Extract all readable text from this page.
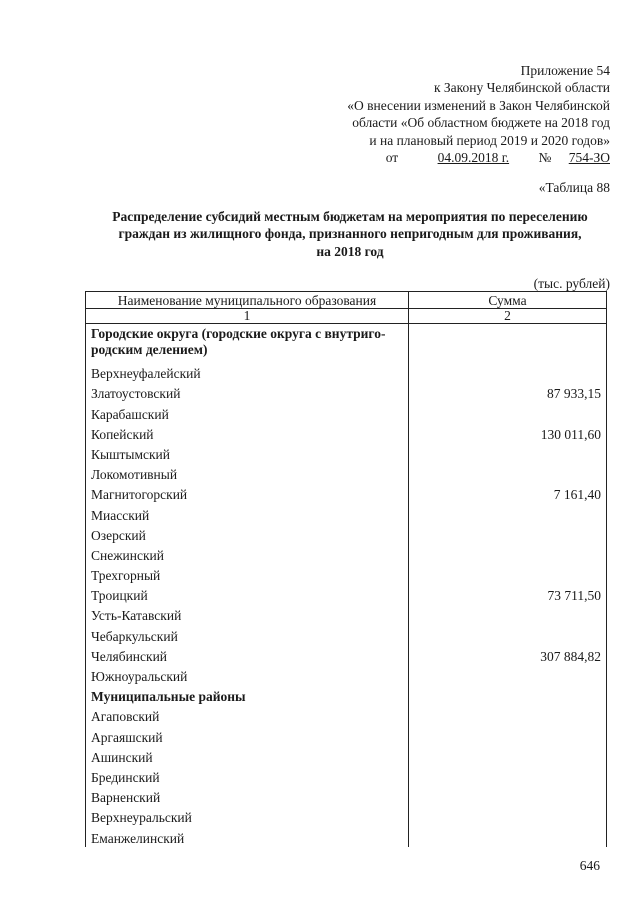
Приложение 54
к Закону Челябинской области
«О внесении изменений в Закон Челябинской
области «Об областном бюджете на 2018 год
и на плановый период 2019 и 2020 годов»
от	04.09.2018 г. № 754-ЗО
«Таблица 88
Распределение субсидий местным бюджетам на мероприятия по переселению
граждан из жилищного фонда, признанного непригодным для проживания,
на 2018 год
(тыс. рублей)
Наименование муниципального образования	Сумма
1	2
Городские округа (городские округа с внутриго-родским делением)	
Верхнеуфалейский	
Златоустовский	87 933,15
Карабашский	
Копейский	130 011,60
Кыштымский	
Локомотивный	
Магнитогорский	7 161,40
Миасский	
Озерский	
Снежинский	
Трехгорный	
Троицкий	73 711,50
Усть-Катавский	
Чебаркульский	
Челябинский	307 884,82
Южноуральский	
Муниципальные районы	
Агаповский	
Аргаяшский	
Ашинский	
Брединский	
Варненский	
Верхнеуральский	
Еманжелинский	
646
